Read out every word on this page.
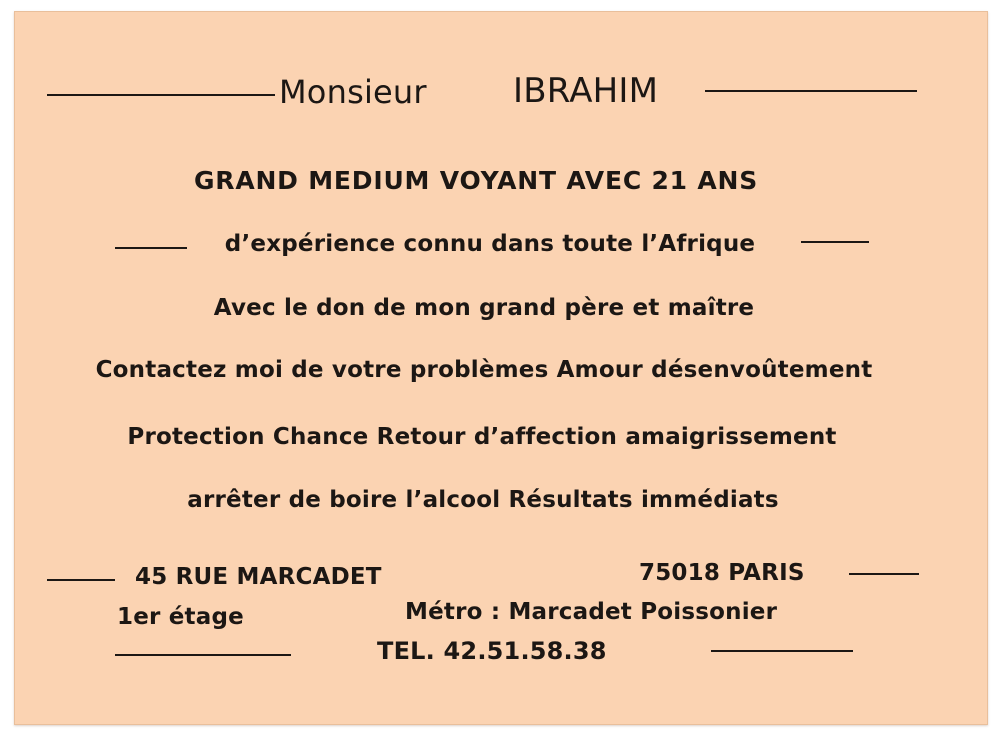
Monsieur	IBRAHIM
GRAND MEDIUM VOYANT AVEC 21 ANS
d’expérience connu dans toute l’Afrique
Avec le don de mon grand père et maître
Contactez moi de votre problèmes Amour désenvoûtement
Protection Chance Retour d’affection amaigrissement
arrêter de boire l’alcool Résultats immédiats
45 RUE MARCADET	75018 PARIS
1er étage	Métro : Marcadet Poissonier
TEL. 42.51.58.38
